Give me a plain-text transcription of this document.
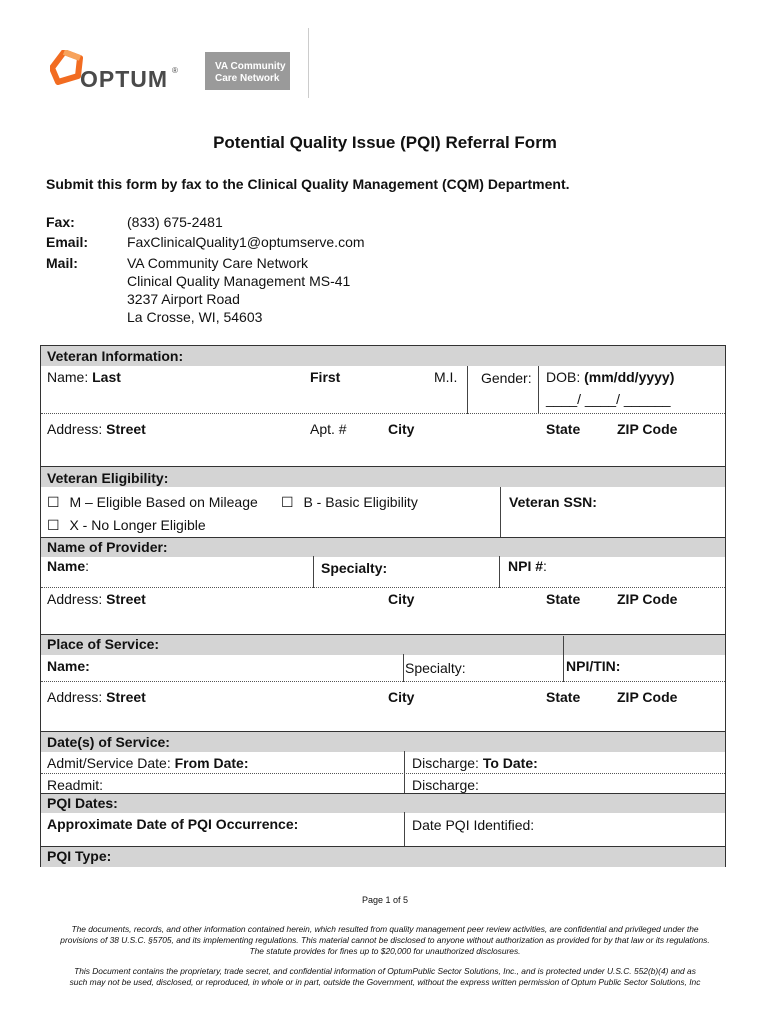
OPTUM ®	VA Community
Care Network
Potential Quality Issue (PQI) Referral Form
Submit this form by fax to the Clinical Quality Management (CQM) Department.
Fax:	(833) 675-2481
Email:	FaxClinicalQuality1@optumserve.com
Mail:	VA Community Care Network
Clinical Quality Management MS-41
3237 Airport Road
La Crosse, WI, 54603
Veteran Information:
Name: Last	First	M.I. Gender: DOB: (mm/dd/yyyy)
____/ ____/ ______
Address: Street	Apt. #	City	State	ZIP Code
Veteran Eligibility:
☐ M – Eligible Based on Mileage ☐ B - Basic Eligibility	Veteran SSN:
☐ X - No Longer Eligible
Name of Provider:
Name:	Specialty:	NPI #:
Address: Street	City	State	ZIP Code
Place of Service:
Name:	Specialty:	NPI/TIN:
Address: Street	City	State	ZIP Code
Date(s) of Service:
Admit/Service Date: From Date:	Discharge: To Date:
Readmit:	Discharge:
PQI Dates:
Approximate Date of PQI Occurrence:	Date PQI Identified:
PQI Type:
Page 1 of 5
The documents, records, and other information contained herein, which resulted from quality management peer review activities, are confidential and privileged under the
provisions of 38 U.S.C. §5705, and its implementing regulations. This material cannot be disclosed to anyone without authorization as provided for by that law or its regulations.
The statute provides for fines up to $20,000 for unauthorized disclosures.
This Document contains the proprietary, trade secret, and confidential information of OptumPublic Sector Solutions, Inc., and is protected under U.S.C. 552(b)(4) and as
such may not be used, disclosed, or reproduced, in whole or in part, outside the Government, without the express written permission of Optum Public Sector Solutions, Inc
